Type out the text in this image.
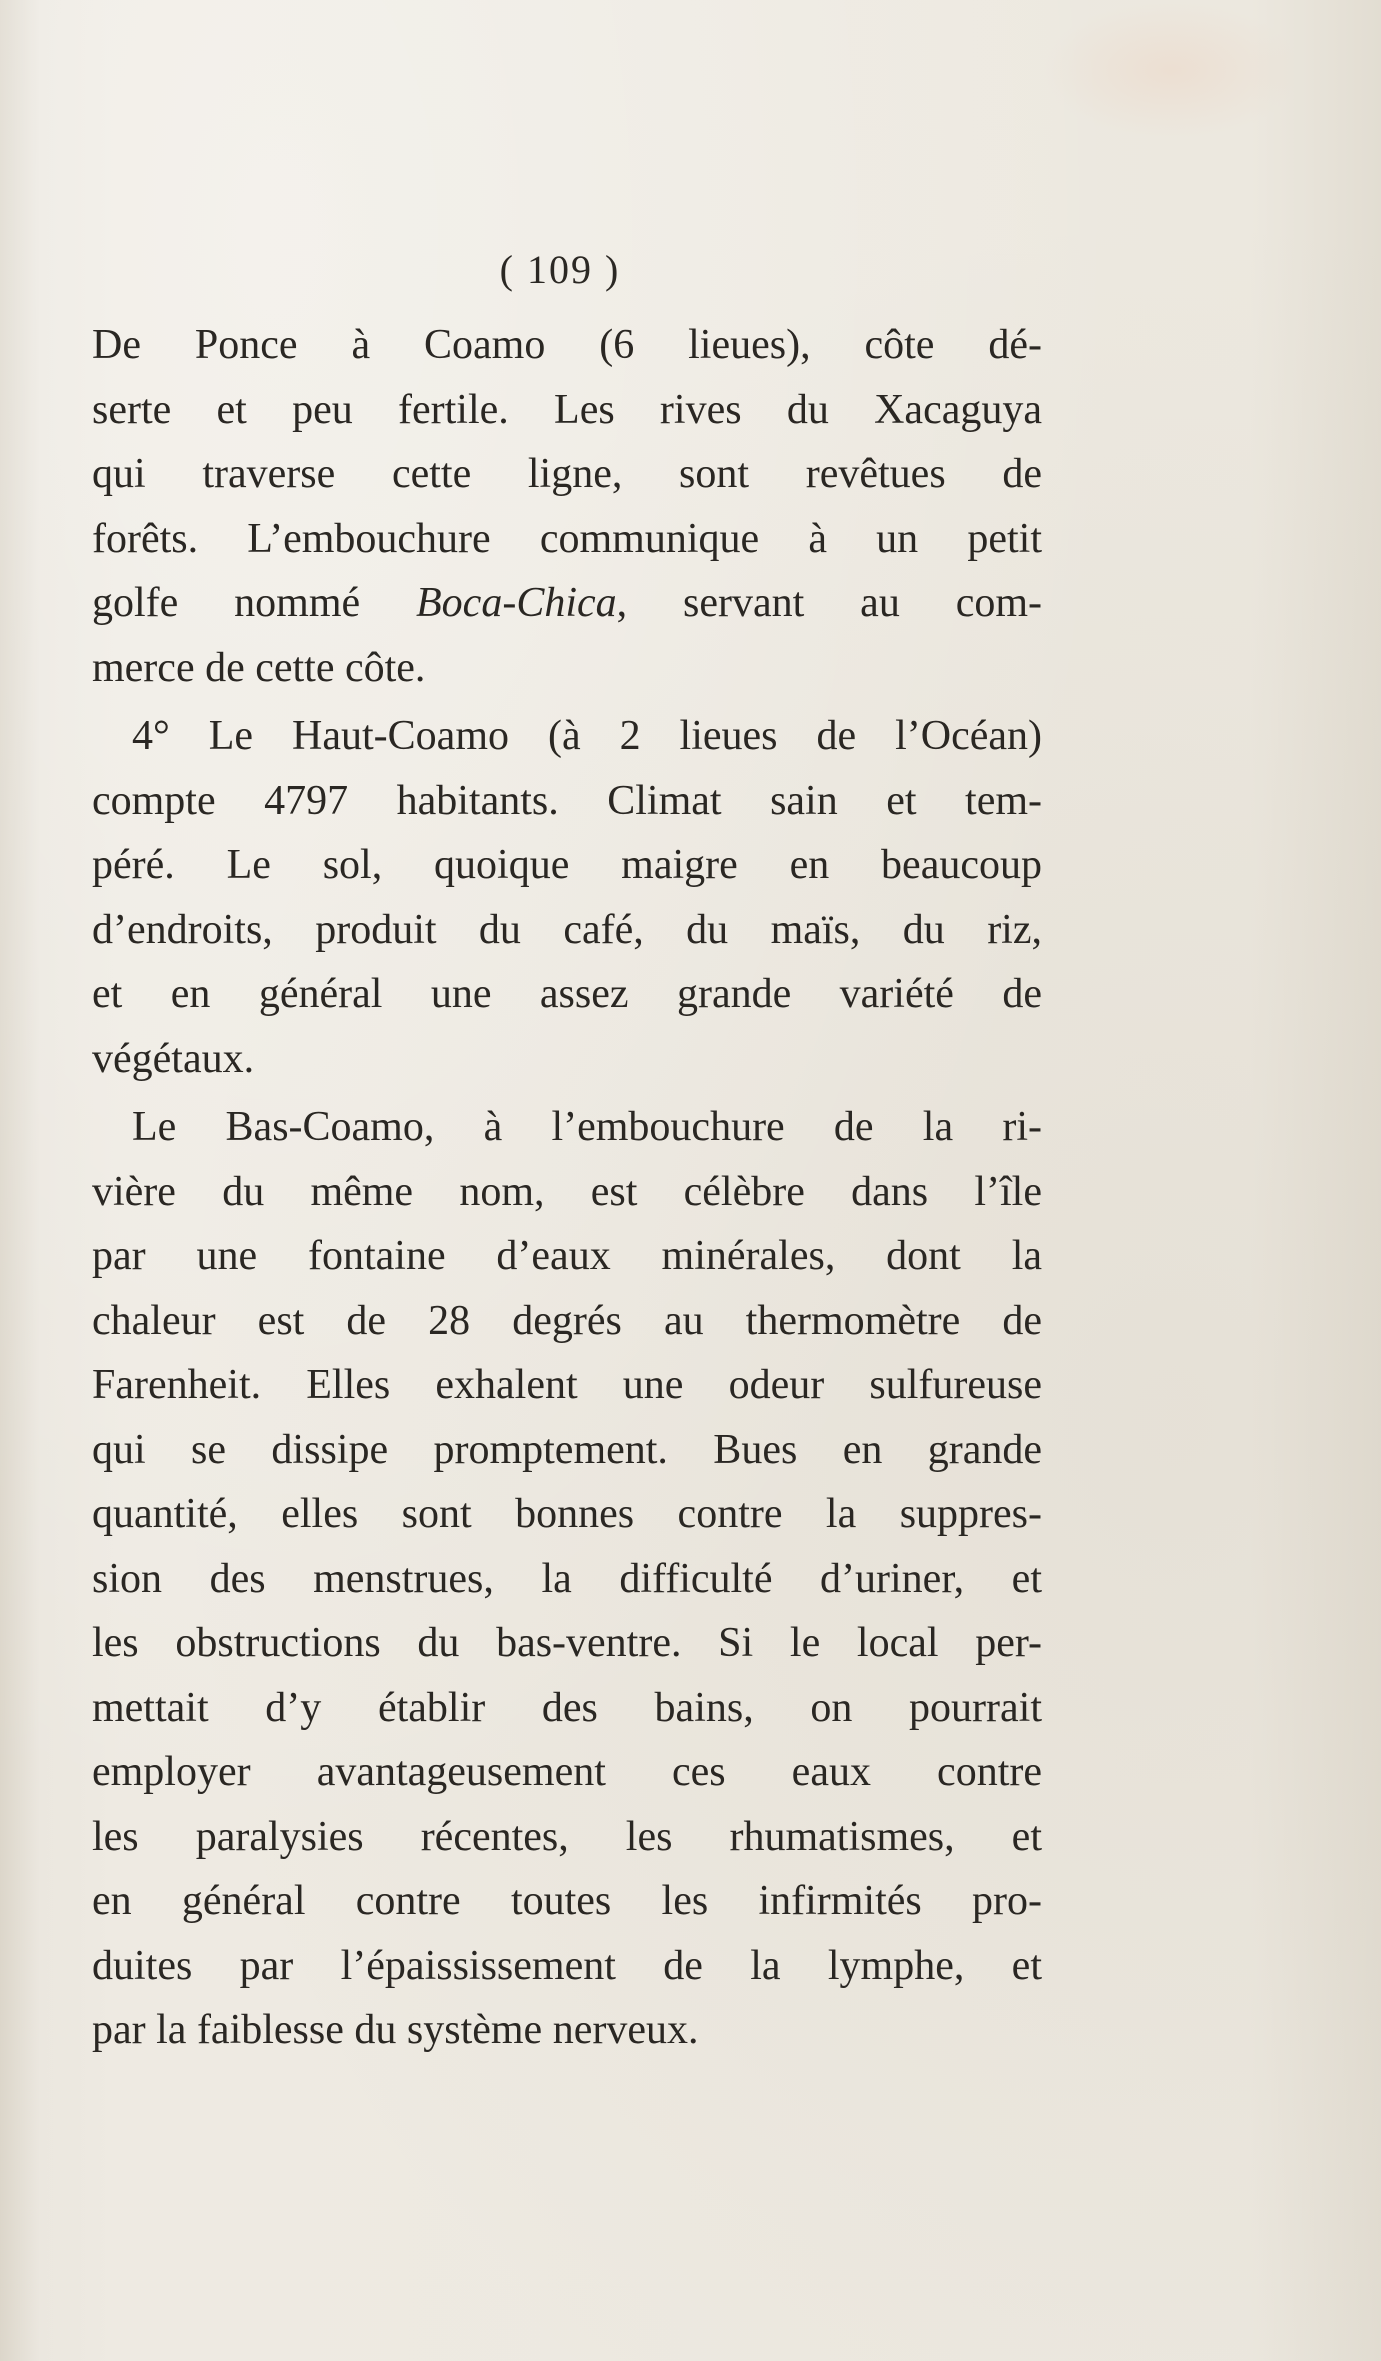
( 109 )
De Ponce à Coamo (6 lieues), côte dé-
serte et peu fertile. Les rives du Xacaguya
qui traverse cette ligne, sont revêtues de
forêts. L’embouchure communique à un petit
golfe nommé Boca-Chica, servant au com-
merce de cette côte.
4° Le Haut-Coamo (à 2 lieues de l’Océan)
compte 4797 habitants. Climat sain et tem-
péré. Le sol, quoique maigre en beaucoup
d’endroits, produit du café, du maïs, du riz,
et en général une assez grande variété de
végétaux.
Le Bas-Coamo, à l’embouchure de la ri-
vière du même nom, est célèbre dans l’île
par une fontaine d’eaux minérales, dont la
chaleur est de 28 degrés au thermomètre de
Farenheit. Elles exhalent une odeur sulfureuse
qui se dissipe promptement. Bues en grande
quantité, elles sont bonnes contre la suppres-
sion des menstrues, la difficulté d’uriner, et
les obstructions du bas-ventre. Si le local per-
mettait d’y établir des bains, on pourrait
employer avantageusement ces eaux contre
les paralysies récentes, les rhumatismes, et
en général contre toutes les infirmités pro-
duites par l’épaississement de la lymphe, et
par la faiblesse du système nerveux.
